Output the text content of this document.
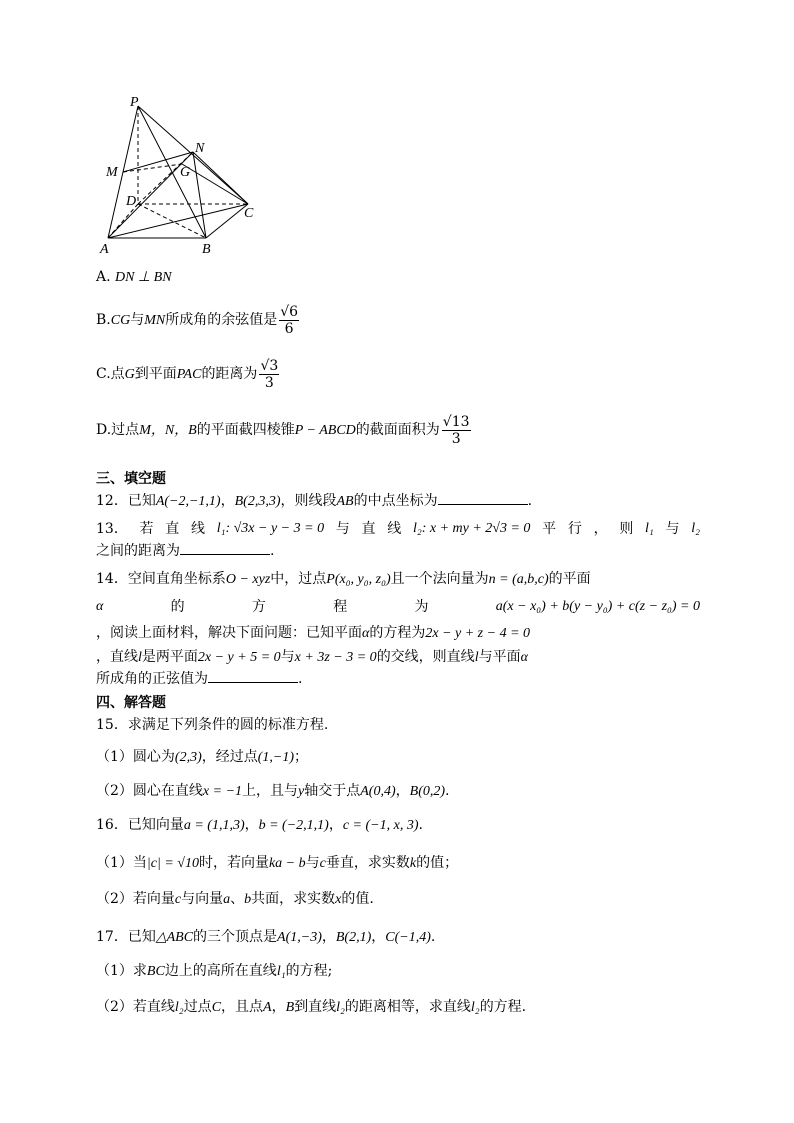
P
N
M	G
D
C
A	B
A. DN ⊥ BN
B.CG与MN所成角的余弦值是 $\frac{√6}{6}$
C.点G到平面PAC的距离为 $\frac{√3}{3}$
D.过点M，N，B的平面截四棱锥P − ABCD的截面面积为 $\frac{√13}{3}$
三、填空题
12．已知A(−2,−1,1)，B(2,3,3)，则线段AB的中点坐标为	.
13． 若 直 线 l₁: √3x − y − 3 = 0 与 直 线 l₂: x + my + 2√3 = 0 平 行 ， 则 l₁ 与 l₂
之间的距离为	.
14．空间直角坐标系O − xyz中，过点P(x₀, y₀, z₀)且一个法向量为n = (a,b,c)的平面
α	的	方	程	为	a(x − x₀) + b(y − y₀) + c(z − z₀) = 0
，阅读上面材料，解决下面问题：已知平面α的方程为2x − y + z − 4 = 0
，直线l是两平面2x − y + 5 = 0与x + 3z − 3 = 0的交线，则直线l与平面α
所成角的正弦值为	.
四、解答题
15．求满足下列条件的圆的标准方程.
（1）圆心为(2,3)，经过点(1,−1)；
（2）圆心在直线x = −1上，且与y轴交于点A(0,4)，B(0,2).
16．已知向量a = (1,1,3)，b = (−2,1,1)，c = (−1, x, 3).
（1）当|c| = √10时，若向量ka − b与c垂直，求实数k的值；
（2）若向量c与向量a、b共面，求实数x的值.
17．已知△ABC的三个顶点是A(1,−3)，B(2,1)，C(−1,4).
（1）求BC边上的高所在直线l₁的方程;
（2）若直线l₂过点C，且点A，B到直线l₂的距离相等，求直线l₂的方程.
